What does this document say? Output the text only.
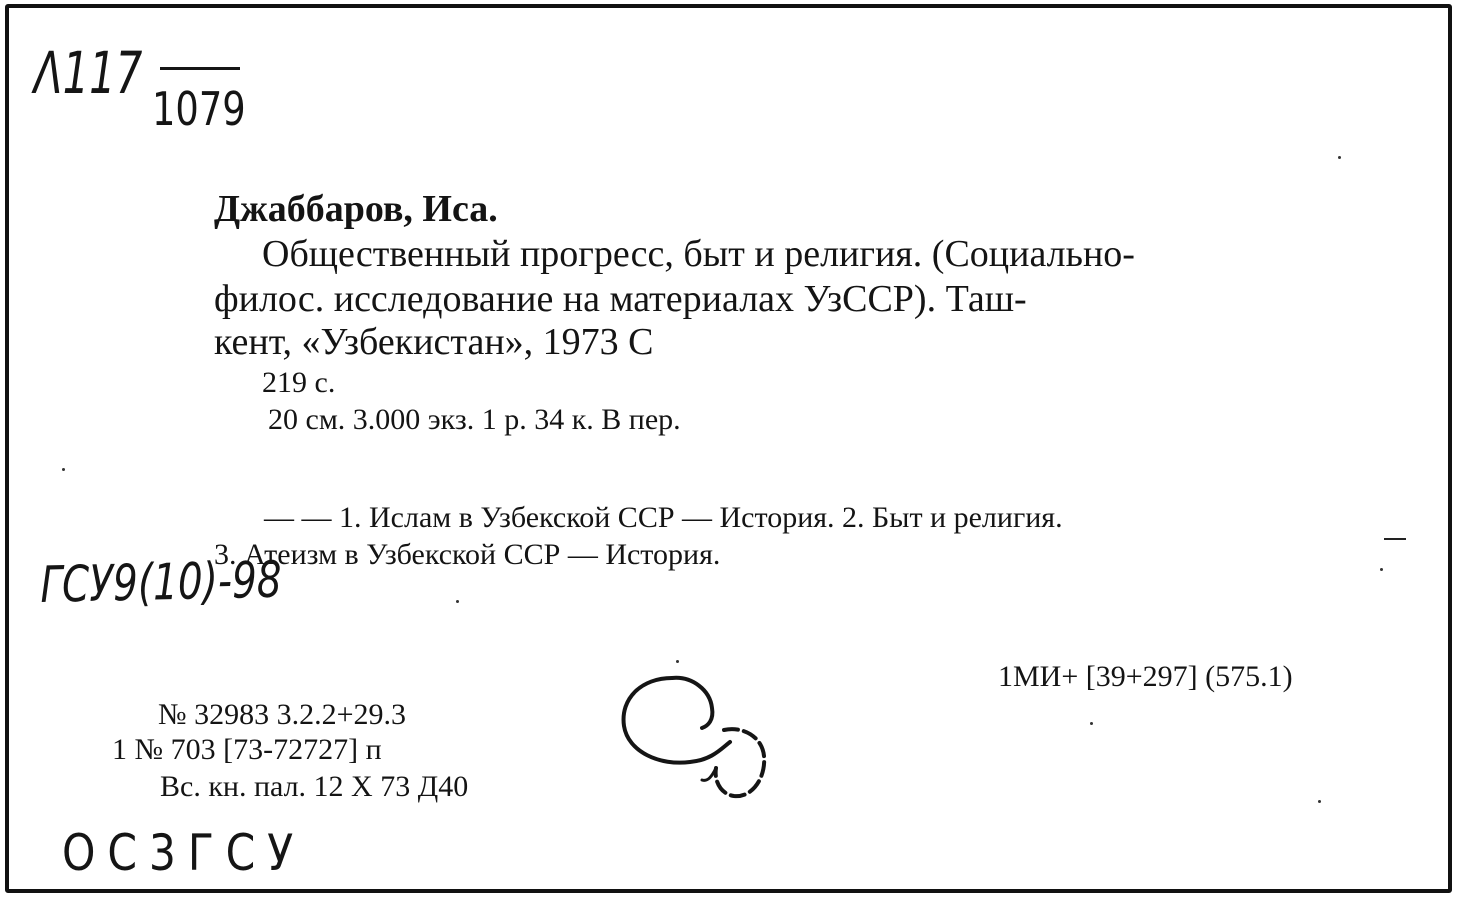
Λ117
1079
Джаббаров, Иса.
Общественный прогресс, быт и религия. (Социально-
филос. исследование на материалах УзССР). Таш-
кент, «Узбекистан», 1973 С
219 с.
20 см. 3.000 экз. 1 р. 34 к. В пер.
— — 1. Ислам в Узбекской ССР — История. 2. Быт и религия.
3. Атеизм в Узбекской ССР — История.
ГСУ9(10)-98
1МИ+ [39+297] (575.1)
№ 32983 3.2.2+29.3
1 № 703 [73-72727] п
Вс. кн. пал. 12 Х 73 Д40
ОС3ГСУ
